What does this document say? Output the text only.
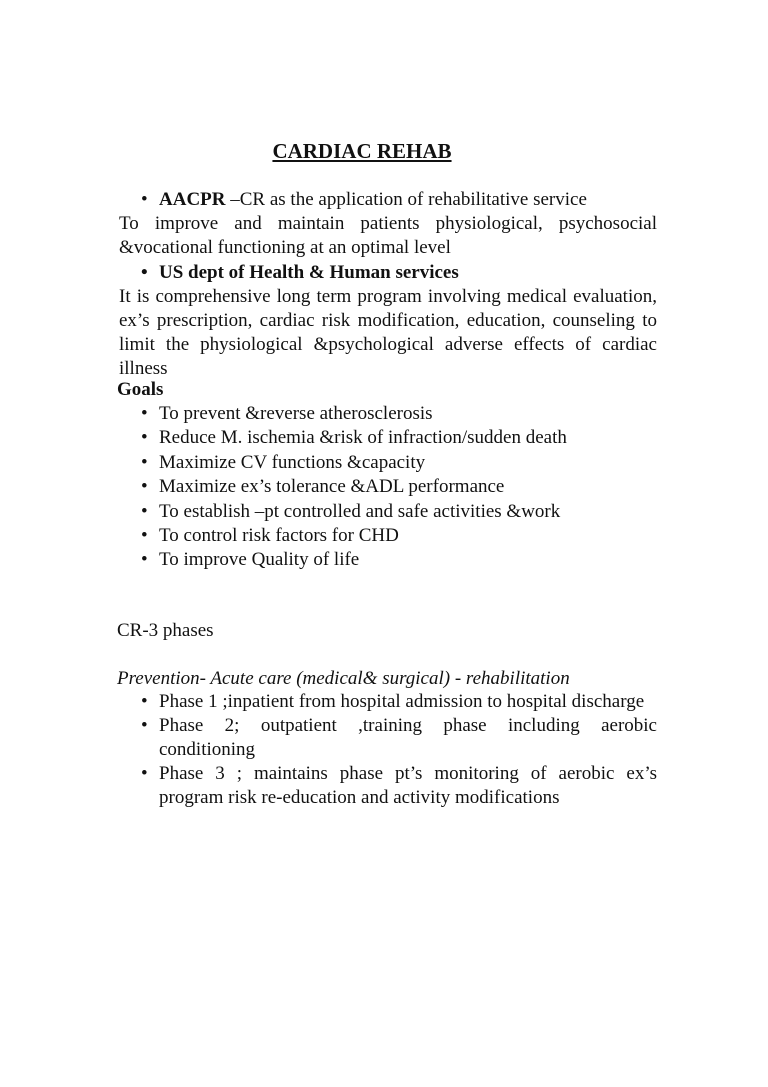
CARDIAC REHAB
• AACPR –CR as the application of rehabilitative service
To improve and maintain patients physiological, psychosocial &vocational functioning at an optimal level
• US dept of Health & Human services
It is comprehensive long term program involving medical evaluation, ex’s prescription, cardiac risk modification, education, counseling to limit the physiological &psychological adverse effects of cardiac illness
Goals
• To prevent &reverse atherosclerosis
• Reduce M. ischemia &risk of infraction/sudden death
• Maximize CV functions &capacity
• Maximize ex’s tolerance &ADL performance
• To establish –pt controlled and safe activities &work
• To control risk factors for CHD
• To improve Quality of life
CR-3 phases
Prevention- Acute care (medical& surgical) - rehabilitation
• Phase 1 ;inpatient from hospital admission to hospital discharge
• Phase 2; outpatient ,training phase including aerobic conditioning
• Phase 3 ; maintains phase pt’s monitoring of aerobic ex’s program risk re-education and activity modifications
